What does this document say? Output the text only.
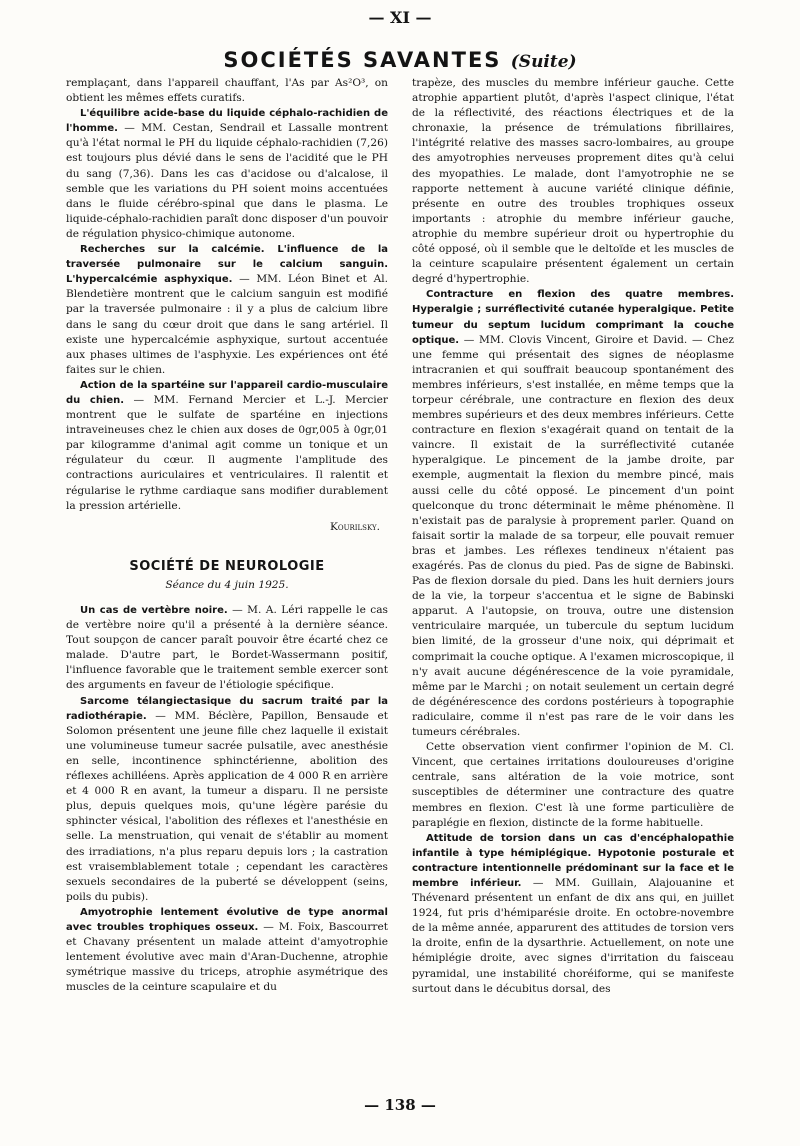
— XI —
SOCIÉTÉS SAVANTES (Suite)

remplaçant, dans l'appareil chauffant, l'As par As²O³, on obtient les mêmes effets curatifs.

L'équilibre acide-base du liquide céphalo-rachidien de l'homme. — MM. Cestan, Sendrail et Lassalle montrent qu'à l'état normal le PH du liquide céphalo-rachidien (7,26) est toujours plus dévié dans le sens de l'acidité que le PH du sang (7,36). Dans les cas d'acidose ou d'alcalose, il semble que les variations du PH soient moins accentuées dans le fluide cérébro-spinal que dans le plasma. Le liquide-céphalo-rachidien paraît donc disposer d'un pouvoir de régulation physico-chimique autonome.

Recherches sur la calcémie. L'influence de la traversée pulmonaire sur le calcium sanguin. L'hypercalcémie asphyxique. — MM. Léon Binet et Al. Blendetière montrent que le calcium sanguin est modifié par la traversée pulmonaire : il y a plus de calcium libre dans le sang du cœur droit que dans le sang artériel. Il existe une hypercalcémie asphyxique, surtout accentuée aux phases ultimes de l'asphyxie. Les expériences ont été faites sur le chien.

Action de la spartéine sur l'appareil cardio-musculaire du chien. — MM. Fernand Mercier et L.-J. Mercier montrent que le sulfate de spartéine en injections intraveineuses chez le chien aux doses de 0gr,005 à 0gr,01 par kilogramme d'animal agit comme un tonique et un régulateur du cœur. Il augmente l'amplitude des contractions auriculaires et ventriculaires. Il ralentit et régularise le rythme cardiaque sans modifier durablement la pression artérielle.

Kourilsky.
SOCIÉTÉ DE NEUROLOGIE
Séance du 4 juin 1925.

Un cas de vertèbre noire. — M. A. Léri rappelle le cas de vertèbre noire qu'il a présenté à la dernière séance. Tout soupçon de cancer paraît pouvoir être écarté chez ce malade. D'autre part, le Bordet-Wassermann positif, l'influence favorable que le traitement semble exercer sont des arguments en faveur de l'étiologie spécifique.

Sarcome télangiectasique du sacrum traité par la radiothérapie. — MM. Béclère, Papillon, Bensaude et Solomon présentent une jeune fille chez laquelle il existait une volumineuse tumeur sacrée pulsatile, avec anesthésie en selle, incontinence sphinctérienne, abolition des réflexes achilléens. Après application de 4 000 R en arrière et 4 000 R en avant, la tumeur a disparu. Il ne persiste plus, depuis quelques mois, qu'une légère parésie du sphincter vésical, l'abolition des réflexes et l'anesthésie en selle. La menstruation, qui venait de s'établir au moment des irradiations, n'a plus reparu depuis lors ; la castration est vraisemblablement totale ; cependant les caractères sexuels secondaires de la puberté se développent (seins, poils du pubis).

Amyotrophie lentement évolutive de type anormal avec troubles trophiques osseux. — M. Foix, Bascourret et Chavany présentent un malade atteint d'amyotrophie lentement évolutive avec main d'Aran-Duchenne, atrophie symétrique massive du triceps, atrophie asymétrique des muscles de la ceinture scapulaire et du

trapèze, des muscles du membre inférieur gauche. Cette atrophie appartient plutôt, d'après l'aspect clinique, l'état de la réflectivité, des réactions électriques et de la chronaxie, la présence de trémulations fibrillaires, l'intégrité relative des masses sacro-lombaires, au groupe des amyotrophies nerveuses proprement dites qu'à celui des myopathies. Le malade, dont l'amyotrophie ne se rapporte nettement à aucune variété clinique définie, présente en outre des troubles trophiques osseux importants : atrophie du membre inférieur gauche, atrophie du membre supérieur droit ou hypertrophie du côté opposé, où il semble que le deltoïde et les muscles de la ceinture scapulaire présentent également un certain degré d'hypertrophie.

Contracture en flexion des quatre membres. Hyperalgie ; surréflectivité cutanée hyperalgique. Petite tumeur du septum lucidum comprimant la couche optique. — MM. Clovis Vincent, Giroire et David. — Chez une femme qui présentait des signes de néoplasme intracranien et qui souffrait beaucoup spontanément des membres inférieurs, s'est installée, en même temps que la torpeur cérébrale, une contracture en flexion des deux membres supérieurs et des deux membres inférieurs. Cette contracture en flexion s'exagérait quand on tentait de la vaincre. Il existait de la surréflectivité cutanée hyperalgique. Le pincement de la jambe droite, par exemple, augmentait la flexion du membre pincé, mais aussi celle du côté opposé. Le pincement d'un point quelconque du tronc déterminait le même phénomène. Il n'existait pas de paralysie à proprement parler. Quand on faisait sortir la malade de sa torpeur, elle pouvait remuer bras et jambes. Les réflexes tendineux n'étaient pas exagérés. Pas de clonus du pied. Pas de signe de Babinski. Pas de flexion dorsale du pied. Dans les huit derniers jours de la vie, la torpeur s'accentua et le signe de Babinski apparut. A l'autopsie, on trouva, outre une distension ventriculaire marquée, un tubercule du septum lucidum bien limité, de la grosseur d'une noix, qui déprimait et comprimait la couche optique. A l'examen microscopique, il n'y avait aucune dégénérescence de la voie pyramidale, même par le Marchi ; on notait seulement un certain degré de dégénérescence des cordons postérieurs à topographie radiculaire, comme il n'est pas rare de le voir dans les tumeurs cérébrales.

Cette observation vient confirmer l'opinion de M. Cl. Vincent, que certaines irritations douloureuses d'origine centrale, sans altération de la voie motrice, sont susceptibles de déterminer une contracture des quatre membres en flexion. C'est là une forme particulière de paraplégie en flexion, distincte de la forme habituelle.

Attitude de torsion dans un cas d'encéphalopathie infantile à type hémiplégique. Hypotonie posturale et contracture intentionnelle prédominant sur la face et le membre inférieur. — MM. Guillain, Alajouanine et Thévenard présentent un enfant de dix ans qui, en juillet 1924, fut pris d'hémiparésie droite. En octobre-novembre de la même année, apparurent des attitudes de torsion vers la droite, enfin de la dysarthrie. Actuellement, on note une hémiplégie droite, avec signes d'irritation du faisceau pyramidal, une instabilité choréiforme, qui se manifeste surtout dans le décubitus dorsal, des

— 138 —
